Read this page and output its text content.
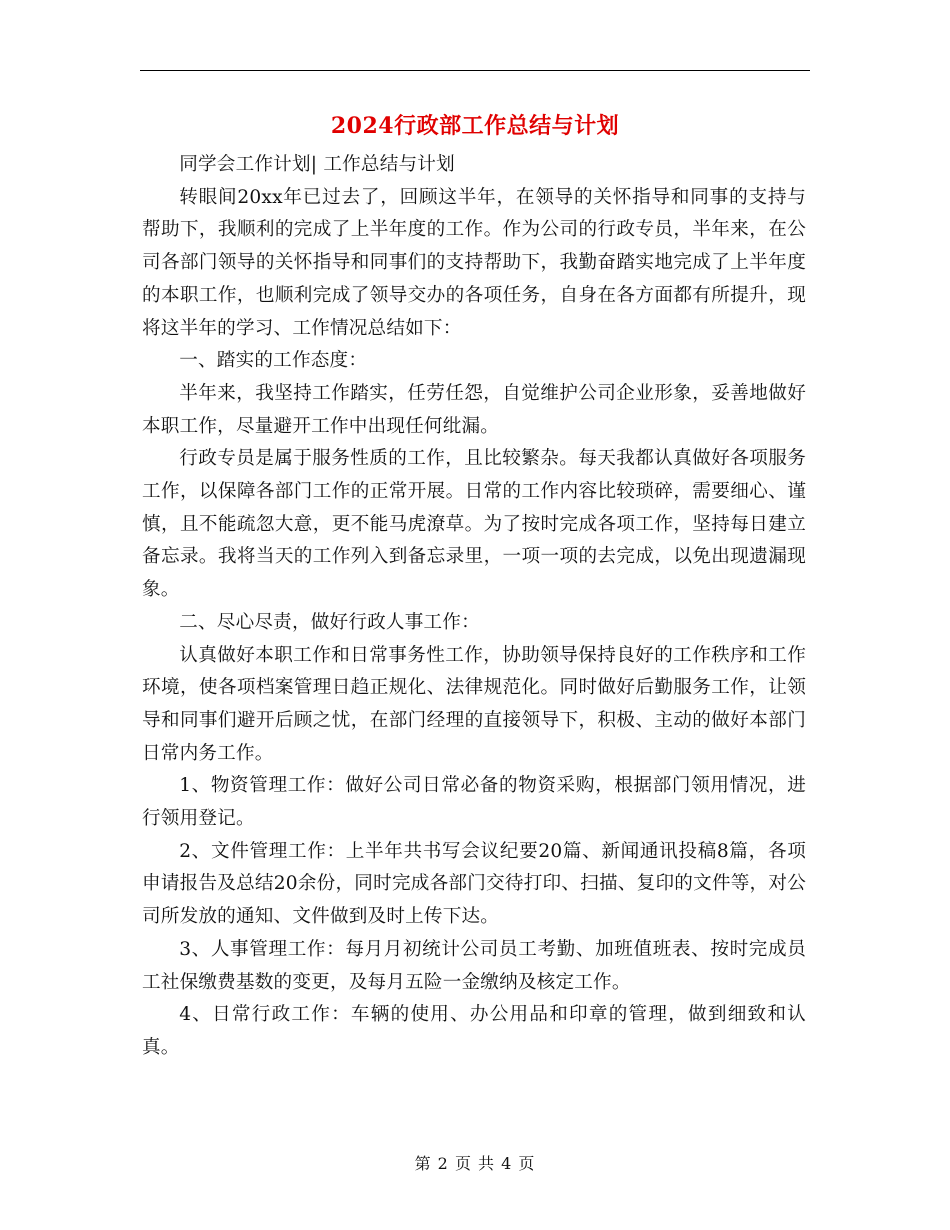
2024行政部工作总结与计划

同学会工作计划| 工作总结与计划

转眼间20xx年已过去了，回顾这半年，在领导的关怀指导和同事的支持与帮助下，我顺利的完成了上半年度的工作。作为公司的行政专员，半年来，在公司各部门领导的关怀指导和同事们的支持帮助下，我勤奋踏实地完成了上半年度的本职工作，也顺利完成了领导交办的各项任务，自身在各方面都有所提升，现将这半年的学习、工作情况总结如下：

一、踏实的工作态度：

半年来，我坚持工作踏实，任劳任怨，自觉维护公司企业形象，妥善地做好本职工作，尽量避开工作中出现任何纰漏。

行政专员是属于服务性质的工作，且比较繁杂。每天我都认真做好各项服务工作，以保障各部门工作的正常开展。日常的工作内容比较琐碎，需要细心、谨慎，且不能疏忽大意，更不能马虎潦草。为了按时完成各项工作，坚持每日建立备忘录。我将当天的工作列入到备忘录里，一项一项的去完成，以免出现遗漏现象。

二、尽心尽责，做好行政人事工作：

认真做好本职工作和日常事务性工作，协助领导保持良好的工作秩序和工作环境，使各项档案管理日趋正规化、法律规范化。同时做好后勤服务工作，让领导和同事们避开后顾之忧，在部门经理的直接领导下，积极、主动的做好本部门日常内务工作。

1、物资管理工作：做好公司日常必备的物资采购，根据部门领用情况，进行领用登记。

2、文件管理工作：上半年共书写会议纪要20篇、新闻通讯投稿8篇，各项申请报告及总结20余份，同时完成各部门交待打印、扫描、复印的文件等，对公司所发放的通知、文件做到及时上传下达。

3、人事管理工作：每月月初统计公司员工考勤、加班值班表、按时完成员工社保缴费基数的变更，及每月五险一金缴纳及核定工作。

4、日常行政工作：车辆的使用、办公用品和印章的管理，做到细致和认真。

第 2 页 共 4 页
